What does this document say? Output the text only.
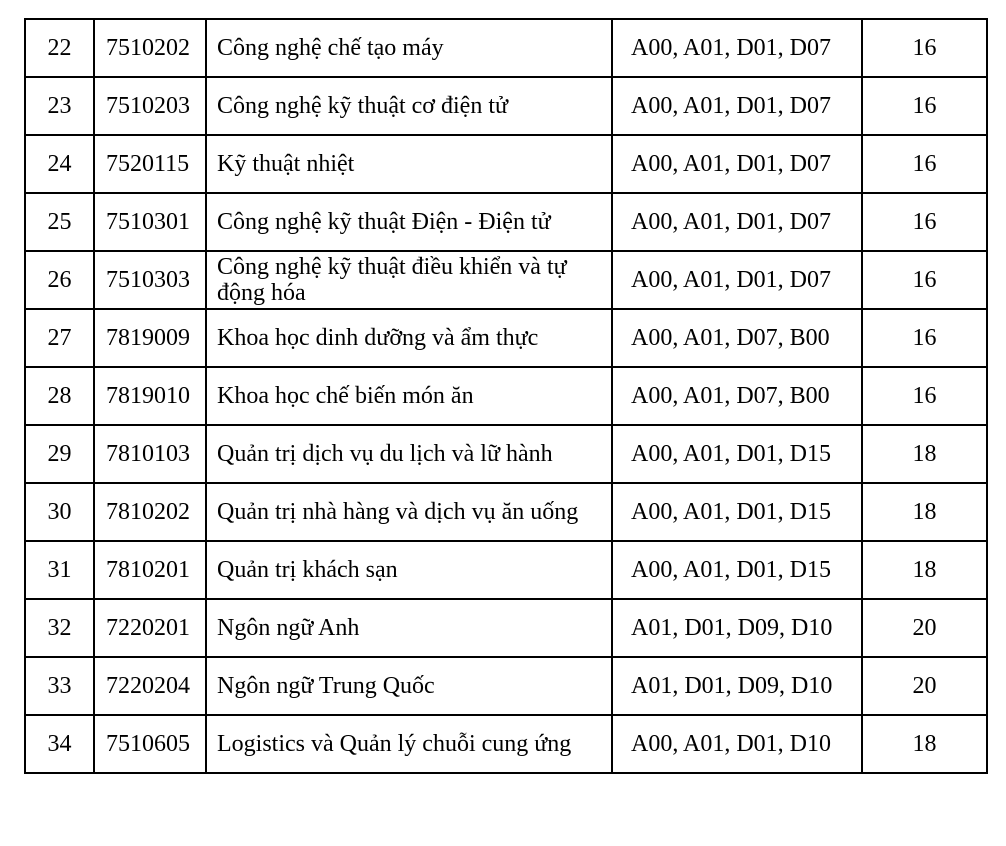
22	7510202	Công nghệ chế tạo máy	A00, A01, D01, D07	16
23	7510203	Công nghệ kỹ thuật cơ điện tử	A00, A01, D01, D07	16
24	7520115	Kỹ thuật nhiệt	A00, A01, D01, D07	16
25	7510301	Công nghệ kỹ thuật Điện - Điện tử	A00, A01, D01, D07	16
26	7510303	Công nghệ kỹ thuật điều khiển và tự động hóa	A00, A01, D01, D07	16
27	7819009	Khoa học dinh dưỡng và ẩm thực	A00, A01, D07, B00	16
28	7819010	Khoa học chế biến món ăn	A00, A01, D07, B00	16
29	7810103	Quản trị dịch vụ du lịch và lữ hành	A00, A01, D01, D15	18
30	7810202	Quản trị nhà hàng và dịch vụ ăn uống	A00, A01, D01, D15	18
31	7810201	Quản trị khách sạn	A00, A01, D01, D15	18
32	7220201	Ngôn ngữ Anh	A01, D01, D09, D10	20
33	7220204	Ngôn ngữ Trung Quốc	A01, D01, D09, D10	20
34	7510605	Logistics và Quản lý chuỗi cung ứng	A00, A01, D01, D10	18
